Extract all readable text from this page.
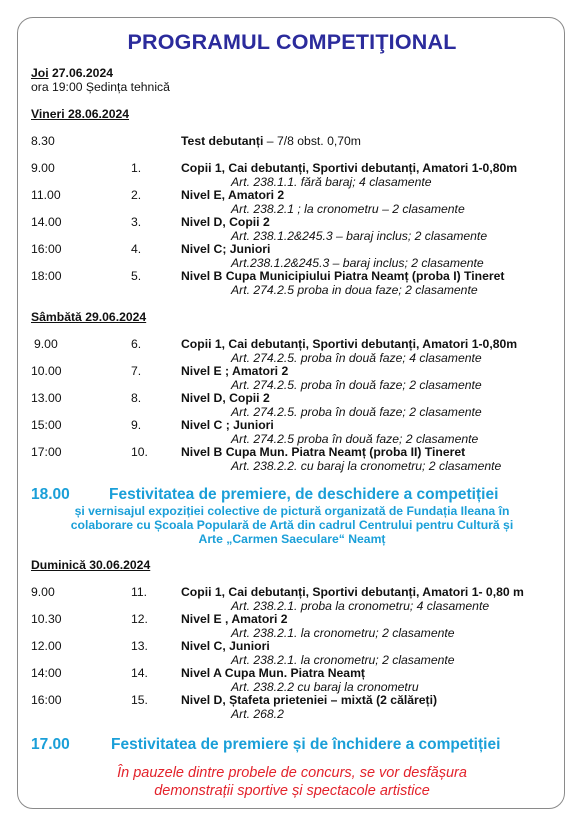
PROGRAMUL COMPETIŢIONAL
Joi 27.06.2024
ora 19:00 Ședința tehnică
Vineri 28.06.2024
8.30	Test debutanți – 7/8 obst. 0,70m
9.00	1.	Copii 1, Cai debutanți, Sportivi debutanți, Amatori 1-0,80m
Art. 238.1.1. fără baraj; 4 clasamente
11.00	2.	Nivel E, Amatori 2
Art. 238.2.1 ; la cronometru – 2 clasamente
14.00	3.	Nivel D, Copii 2
Art. 238.1.2&245.3 – baraj inclus; 2 clasamente
16:00	4.	Nivel C; Juniori
Art.238.1.2&245.3 – baraj inclus; 2 clasamente
18:00	5.	Nivel B Cupa Municipiului Piatra Neamț (proba I) Tineret
Art. 274.2.5 proba in doua faze; 2 clasamente
Sâmbătă 29.06.2024
9.00	6.	Copii 1, Cai debutanți, Sportivi debutanți, Amatori 1-0,80m
Art. 274.2.5. proba în două faze; 4 clasamente
10.00	7.	Nivel E ; Amatori 2
Art. 274.2.5. proba în două faze; 2 clasamente
13.00	8.	Nivel D, Copii 2
Art. 274.2.5. proba în două faze; 2 clasamente
15:00	9.	Nivel C ; Juniori
Art. 274.2.5 proba în două faze; 2 clasamente
17:00	10.	Nivel B Cupa Mun. Piatra Neamț (proba II) Tineret
Art. 238.2.2. cu baraj la cronometru; 2 clasamente
18.00	Festivitatea de premiere, de deschidere a competiției
și vernisajul expoziției colective de pictură organizată de Fundația Ileana în
colaborare cu Școala Populară de Artă din cadrul Centrului pentru Cultură și
Arte „Carmen Saeculare“ Neamț
Duminică 30.06.2024
9.00	11.	Copii 1, Cai debutanți, Sportivi debutanți, Amatori 1- 0,80 m
Art. 238.2.1. proba la cronometru; 4 clasamente
10.30	12.	Nivel E , Amatori 2
Art. 238.2.1. la cronometru; 2 clasamente
12.00	13.	Nivel C, Juniori
Art. 238.2.1. la cronometru; 2 clasamente
14:00	14.	Nivel A Cupa Mun. Piatra Neamț
Art. 238.2.2 cu baraj la cronometru
16:00	15.	Nivel D, Ștafeta prieteniei – mixtă (2 călăreți)
Art. 268.2
17.00	Festivitatea de premiere și de închidere a competiției
În pauzele dintre probele de concurs, se vor desfășura
demonstrații sportive și spectacole artistice
